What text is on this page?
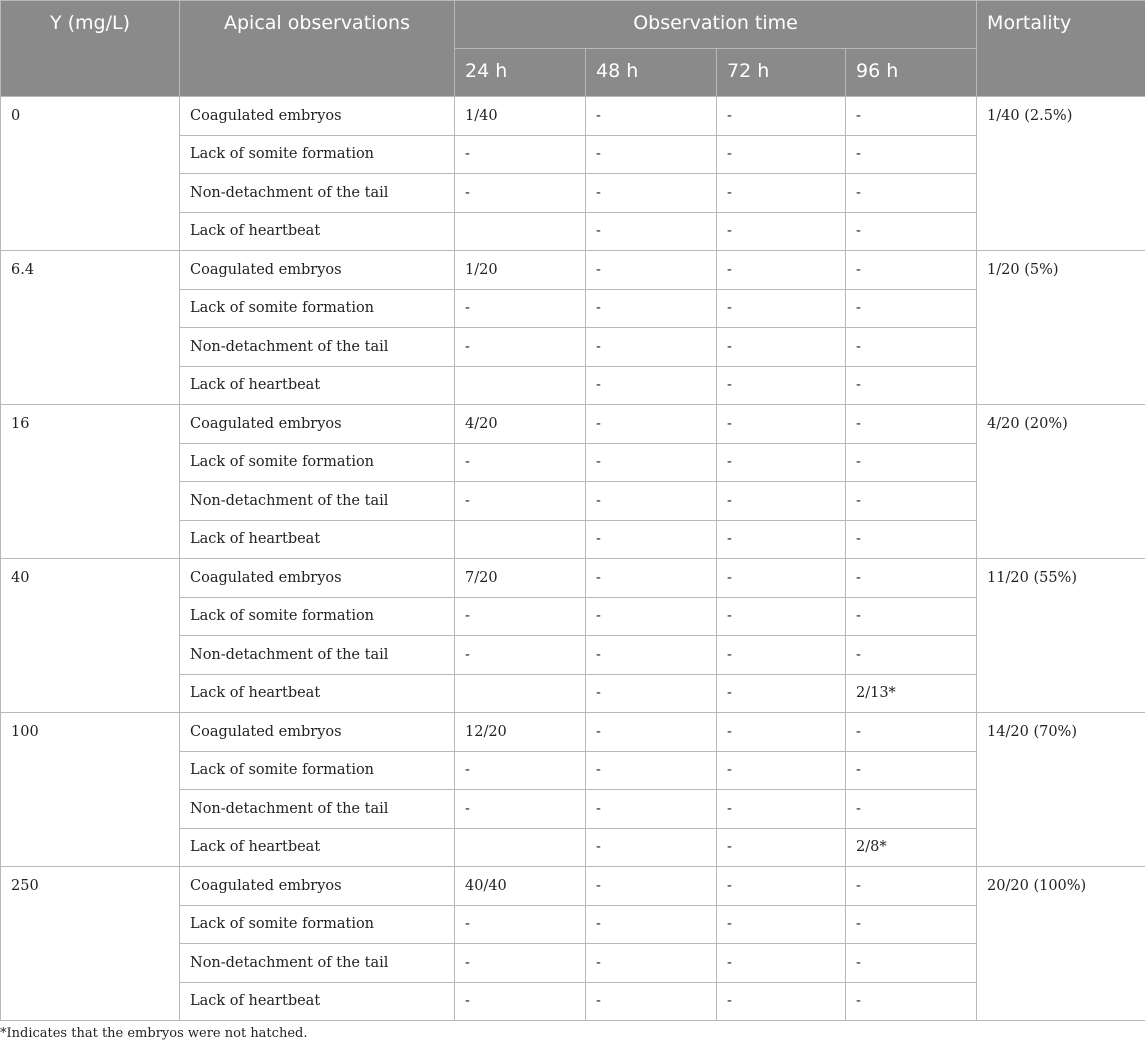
Y (mg/L)	Apical observations	Observation time				Mortality
		24 h	48 h	72 h	96 h	
0	Coagulated embryos	1/40	-	-	-	1/40 (2.5%)
	Lack of somite formation	-	-	-	-	
	Non-detachment of the tail	-	-	-	-	
	Lack of heartbeat		-	-	-	
6.4	Coagulated embryos	1/20	-	-	-	1/20 (5%)
	Lack of somite formation	-	-	-	-	
	Non-detachment of the tail	-	-	-	-	
	Lack of heartbeat		-	-	-	
16	Coagulated embryos	4/20	-	-	-	4/20 (20%)
	Lack of somite formation	-	-	-	-	
	Non-detachment of the tail	-	-	-	-	
	Lack of heartbeat		-	-	-	
40	Coagulated embryos	7/20	-	-	-	11/20 (55%)
	Lack of somite formation	-	-	-	-	
	Non-detachment of the tail	-	-	-	-	
	Lack of heartbeat		-	-	2/13*	
100	Coagulated embryos	12/20	-	-	-	14/20 (70%)
	Lack of somite formation	-	-	-	-	
	Non-detachment of the tail	-	-	-	-	
	Lack of heartbeat		-	-	2/8*	
250	Coagulated embryos	40/40	-	-	-	20/20 (100%)
	Lack of somite formation	-	-	-	-	
	Non-detachment of the tail	-	-	-	-	
	Lack of heartbeat	-	-	-	-	
*Indicates that the embryos were not hatched.
